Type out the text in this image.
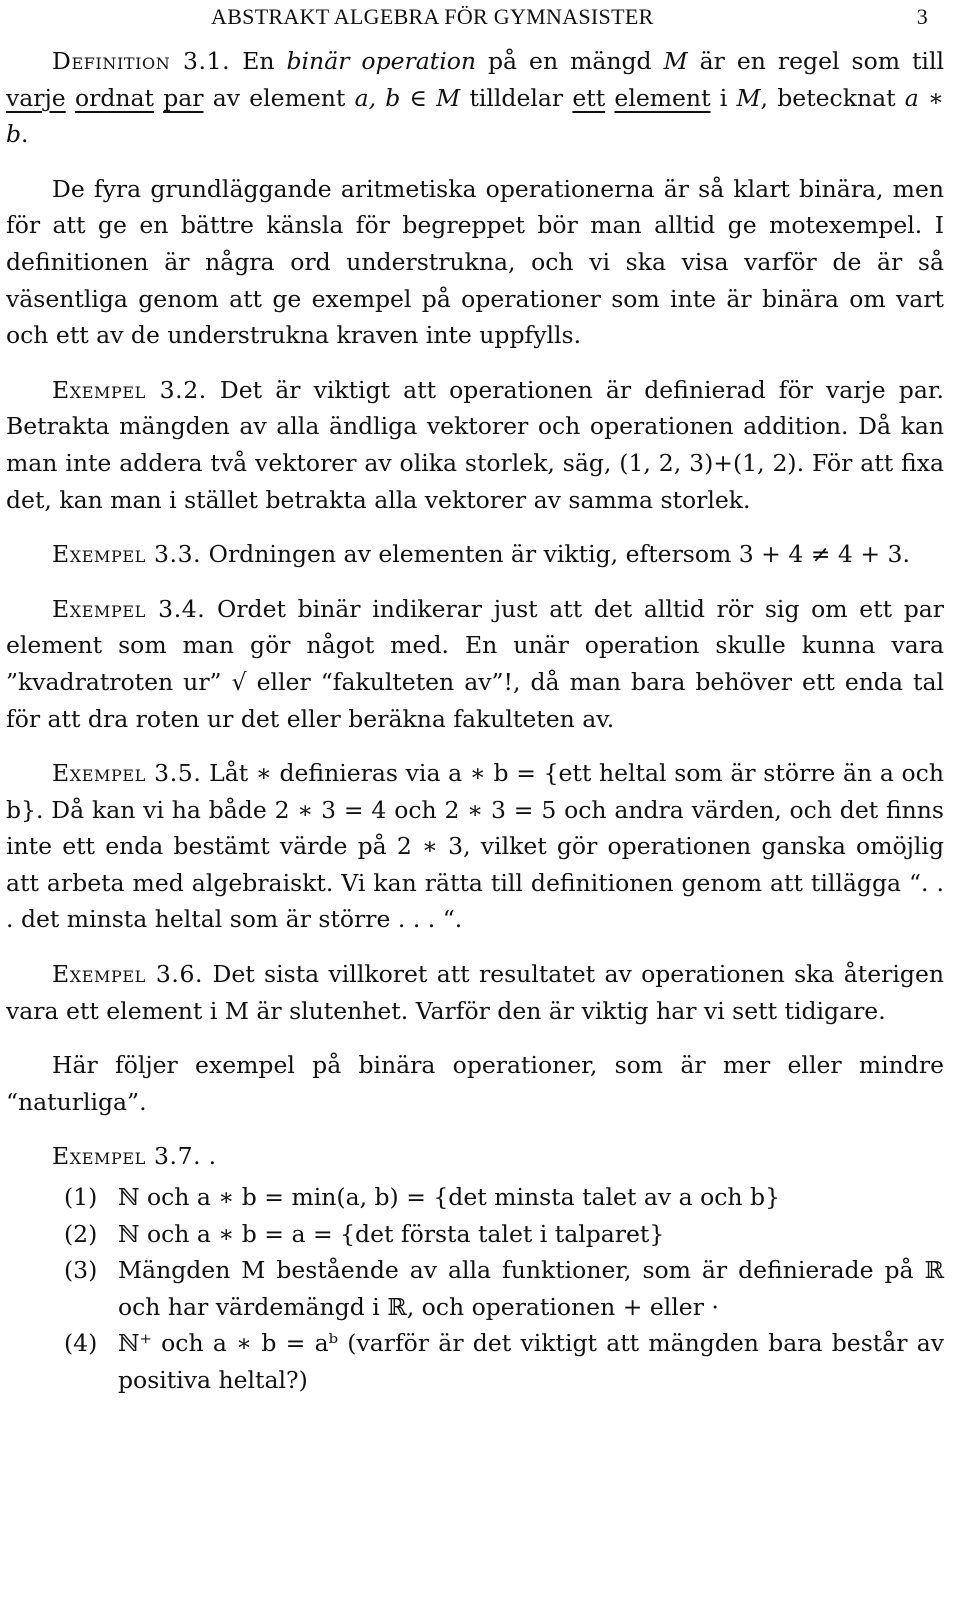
ABSTRAKT ALGEBRA FÖR GYMNASISTER	3

Definition 3.1. En binär operation på en mängd M är en regel som till varje ordnat par av element a, b ∈ M tilldelar ett element i M, betecknat a ∗ b.

De fyra grundläggande aritmetiska operationerna är så klart binära, men för att ge en bättre känsla för begreppet bör man alltid ge motexempel. I definitionen är några ord understrukna, och vi ska visa varför de är så väsentliga genom att ge exempel på operationer som inte är binära om vart och ett av de understrukna kraven inte uppfylls.

Exempel 3.2. Det är viktigt att operationen är definierad för varje par. Betrakta mängden av alla ändliga vektorer och operationen addition. Då kan man inte addera två vektorer av olika storlek, säg, (1, 2, 3)+(1, 2). För att fixa det, kan man i stället betrakta alla vektorer av samma storlek.

Exempel 3.3. Ordningen av elementen är viktig, eftersom 3 + 4 ≠ 4 + 3.

Exempel 3.4. Ordet binär indikerar just att det alltid rör sig om ett par element som man gör något med. En unär operation skulle kunna vara ”kvadratroten ur” √ eller “fakulteten av”!, då man bara behöver ett enda tal för att dra roten ur det eller beräkna fakulteten av.

Exempel 3.5. Låt ∗ definieras via a ∗ b = {ett heltal som är större än a och b}. Då kan vi ha både 2 ∗ 3 = 4 och 2 ∗ 3 = 5 och andra värden, och det finns inte ett enda bestämt värde på 2 ∗ 3, vilket gör operationen ganska omöjlig att arbeta med algebraiskt. Vi kan rätta till definitionen genom att tillägga “. . . det minsta heltal som är större . . . “.

Exempel 3.6. Det sista villkoret att resultatet av operationen ska återigen vara ett element i M är slutenhet. Varför den är viktig har vi sett tidigare.

Här följer exempel på binära operationer, som är mer eller mindre “naturliga”.

Exempel 3.7. .

(1) ℕ och a ∗ b = min(a, b) = {det minsta talet av a och b}
(2) ℕ och a ∗ b = a = {det första talet i talparet}
(3) Mängden M bestående av alla funktioner, som är definierade på ℝ och har värdemängd i ℝ, och operationen + eller ·
(4) ℕ⁺ och a ∗ b = aᵇ (varför är det viktigt att mängden bara består av positiva heltal?)
